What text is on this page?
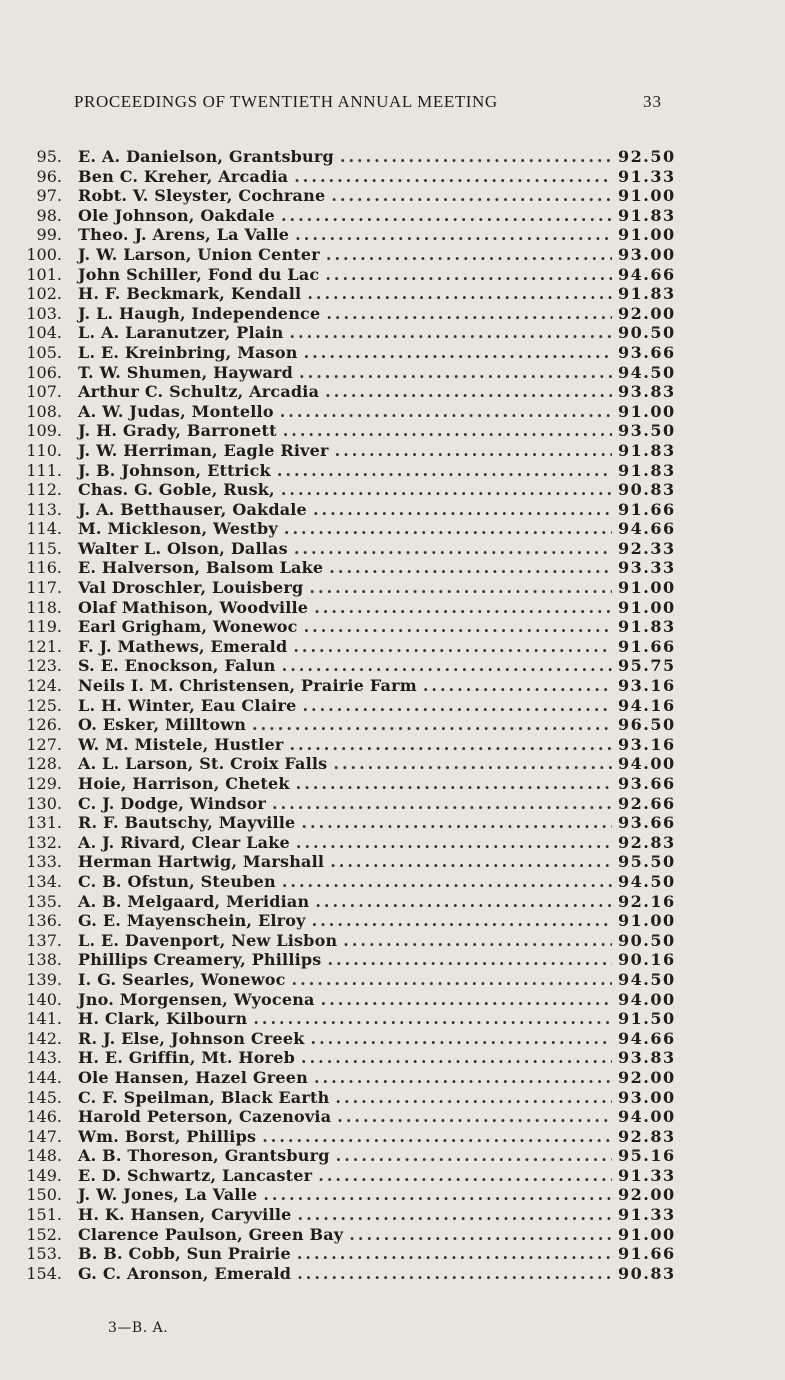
PROCEEDINGS OF TWENTIETH ANNUAL MEETING	33
95. E. A. Danielson, Grantsburg .....	92.50
96. Ben C. Kreher, Arcadia .....	91.33
97. Robt. V. Sleyster, Cochrane .....	91.00
98. Ole Johnson, Oakdale .....	91.83
99. Theo. J. Arens, La Valle .....	91.00
100. J. W. Larson, Union Center .....	93.00
101. John Schiller, Fond du Lac .....	94.66
102. H. F. Beckmark, Kendall .....	91.83
103. J. L. Haugh, Independence .....	92.00
104. L. A. Laranutzer, Plain .....	90.50
105. L. E. Kreinbring, Mason .....	93.66
106. T. W. Shumen, Hayward .....	94.50
107. Arthur C. Schultz, Arcadia .....	93.83
108. A. W. Judas, Montello .....	91.00
109. J. H. Grady, Barronett .....	93.50
110. J. W. Herriman, Eagle River .....	91.83
111. J. B. Johnson, Ettrick .....	91.83
112. Chas. G. Goble, Rusk, .....	90.83
113. J. A. Betthauser, Oakdale .....	91.66
114. M. Mickleson, Westby .....	94.66
115. Walter L. Olson, Dallas .....	92.33
116. E. Halverson, Balsom Lake .....	93.33
117. Val Droschler, Louisberg .....	91.00
118. Olaf Mathison, Woodville .....	91.00
119. Earl Grigham, Wonewoc .....	91.83
121. F. J. Mathews, Emerald .....	91.66
123. S. E. Enockson, Falun .....	95.75
124. Neils I. M. Christensen, Prairie Farm .....	93.16
125. L. H. Winter, Eau Claire .....	94.16
126. O. Esker, Milltown .....	96.50
127. W. M. Mistele, Hustler .....	93.16
128. A. L. Larson, St. Croix Falls .....	94.00
129. Hoie, Harrison, Chetek .....	93.66
130. C. J. Dodge, Windsor .....	92.66
131. R. F. Bautschy, Mayville .....	93.66
132. A. J. Rivard, Clear Lake .....	92.83
133. Herman Hartwig, Marshall .....	95.50
134. C. B. Ofstun, Steuben .....	94.50
135. A. B. Melgaard, Meridian .....	92.16
136. G. E. Mayenschein, Elroy .....	91.00
137. L. E. Davenport, New Lisbon .....	90.50
138. Phillips Creamery, Phillips .....	90.16
139. I. G. Searles, Wonewoc .....	94.50
140. Jno. Morgensen, Wyocena .....	94.00
141. H. Clark, Kilbourn .....	91.50
142. R. J. Else, Johnson Creek .....	94.66
143. H. E. Griffin, Mt. Horeb .....	93.83
144. Ole Hansen, Hazel Green .....	92.00
145. C. F. Speilman, Black Earth .....	93.00
146. Harold Peterson, Cazenovia .....	94.00
147. Wm. Borst, Phillips .....	92.83
148. A. B. Thoreson, Grantsburg .....	95.16
149. E. D. Schwartz, Lancaster .....	91.33
150. J. W. Jones, La Valle .....	92.00
151. H. K. Hansen, Caryville .....	91.33
152. Clarence Paulson, Green Bay .....	91.00
153. B. B. Cobb, Sun Prairie .....	91.66
154. G. C. Aronson, Emerald .....	90.83
3—B. A.
